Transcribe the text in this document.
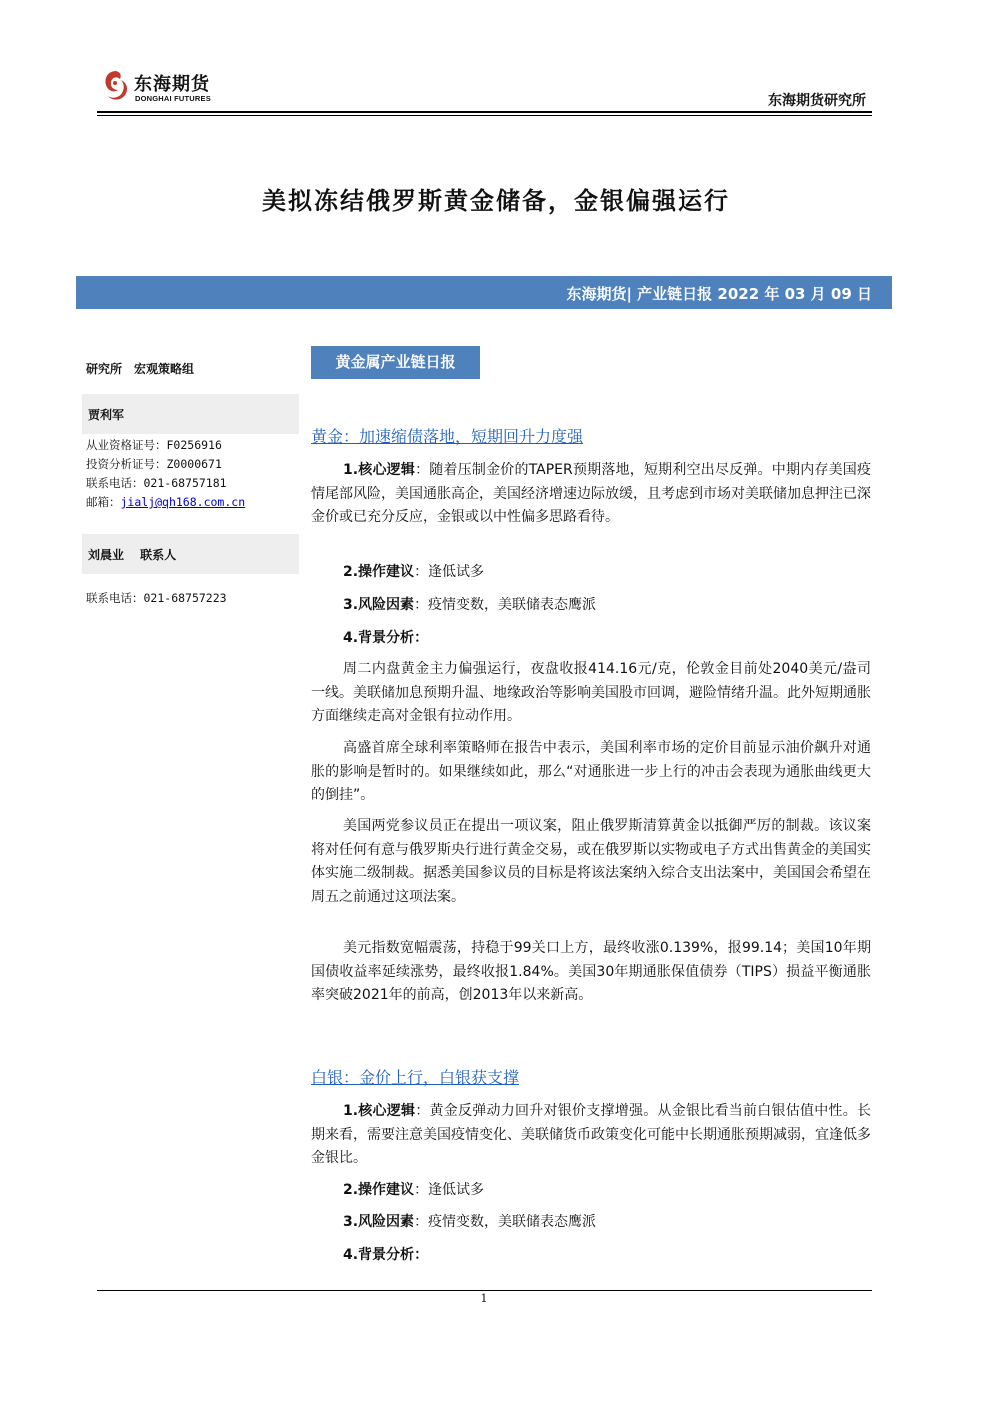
东海期货
DONGHAI FUTURES	东海期货研究所
美拟冻结俄罗斯黄金储备，金银偏强运行
东海期货| 产业链日报 2022 年 03 月 09 日
研究所　宏观策略组
贾利军
从业资格证号：F0256916
投资分析证号：Z0000671
联系电话：021-68757181
邮箱：jialj@qh168.com.cn
刘晨业　 联系人
联系电话：021-68757223
黄金属产业链日报
黄金：加速缩债落地，短期回升力度强

1.核心逻辑：随着压制金价的TAPER预期落地，短期利空出尽反弹。中期内存美国疫情尾部风险，美国通胀高企，美国经济增速边际放缓，且考虑到市场对美联储加息押注已深金价或已充分反应，金银或以中性偏多思路看待。

2.操作建议：逢低试多
3.风险因素：疫情变数，美联储表态鹰派
4.背景分析：

周二内盘黄金主力偏强运行，夜盘收报414.16元/克，伦敦金目前处2040美元/盎司一线。美联储加息预期升温、地缘政治等影响美国股市回调，避险情绪升温。此外短期通胀方面继续走高对金银有拉动作用。

高盛首席全球利率策略师在报告中表示，美国利率市场的定价目前显示油价飙升对通胀的影响是暂时的。如果继续如此，那么“对通胀进一步上行的冲击会表现为通胀曲线更大的倒挂”。

美国两党参议员正在提出一项议案，阻止俄罗斯清算黄金以抵御严厉的制裁。该议案将对任何有意与俄罗斯央行进行黄金交易，或在俄罗斯以实物或电子方式出售黄金的美国实体实施二级制裁。据悉美国参议员的目标是将该法案纳入综合支出法案中，美国国会希望在周五之前通过这项法案。

美元指数宽幅震荡，持稳于99关口上方，最终收涨0.139%，报99.14；美国10年期国债收益率延续涨势，最终收报1.84%。美国30年期通胀保值债券（TIPS）损益平衡通胀率突破2021年的前高，创2013年以来新高。

白银：金价上行，白银获支撑

1.核心逻辑：黄金反弹动力回升对银价支撑增强。从金银比看当前白银估值中性。长期来看，需要注意美国疫情变化、美联储货币政策变化可能中长期通胀预期减弱，宜逢低多金银比。

2.操作建议：逢低试多
3.风险因素：疫情变数，美联储表态鹰派
4.背景分析：
1
